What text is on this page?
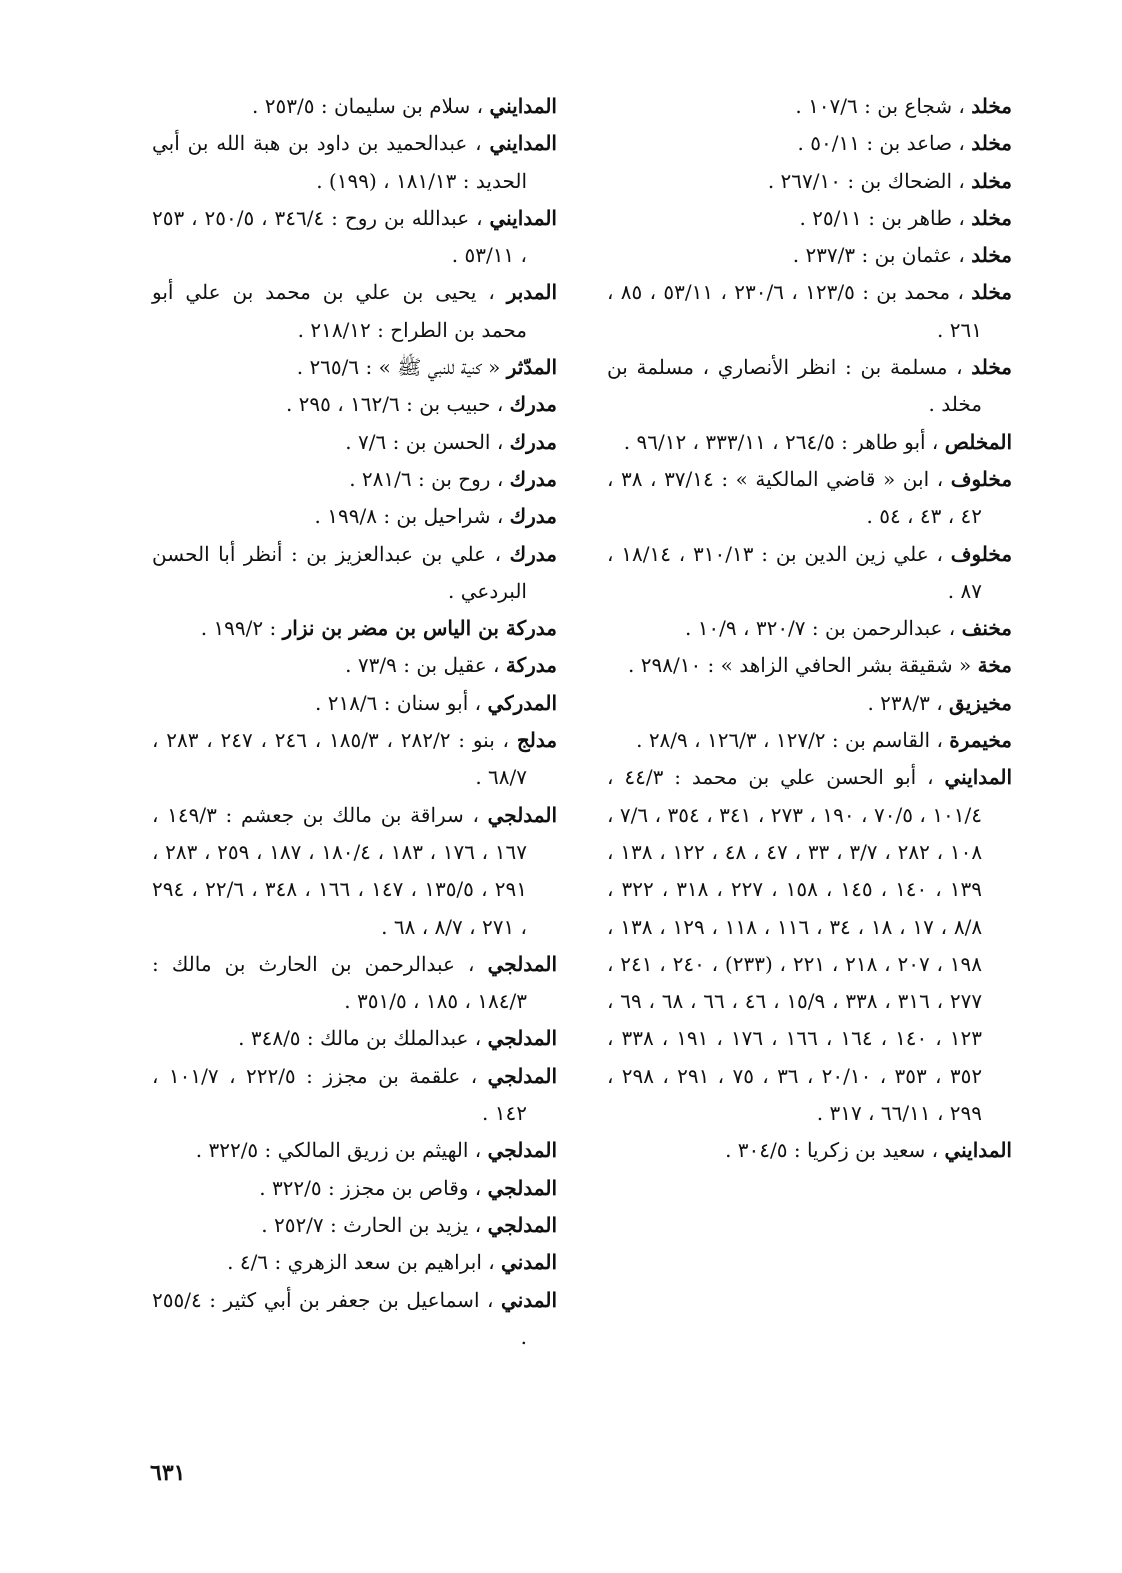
مخلد ، شجاع بن : ١٠٧/٦ .
مخلد ، صاعد بن : ٥٠/١١ .
مخلد ، الضحاك بن : ٢٦٧/١٠ .
مخلد ، طاهر بن : ٢٥/١١ .
مخلد ، عثمان بن : ٢٣٧/٣ .
مخلد ، محمد بن : ١٢٣/٥ ، ٢٣٠/٦ ، ٥٣/١١ ، ٨٥ ، ٢٦١ .
مخلد ، مسلمة بن : انظر الأنصاري ، مسلمة بن مخلد .
المخلص ، أبو طاهر : ٢٦٤/٥ ، ٣٣٣/١١ ، ٩٦/١٢ .
مخلوف ، ابن « قاضي المالكية » : ٣٧/١٤ ، ٣٨ ، ٤٢ ، ٤٣ ، ٥٤ .
مخلوف ، علي زين الدين بن : ٣١٠/١٣ ، ١٨/١٤ ، ٨٧ .
مخنف ، عبدالرحمن بن : ٣٢٠/٧ ، ١٠/٩ .
مخة « شقيقة بشر الحافي الزاهد » : ٢٩٨/١٠ .
مخيزيق ، ٢٣٨/٣ .
مخيمرة ، القاسم بن : ١٢٧/٢ ، ١٢٦/٣ ، ٢٨/٩ .
المدايني ، أبو الحسن علي بن محمد : ٤٤/٣ ، ١٠١/٤ ، ٧٠/٥ ، ١٩٠ ، ٢٧٣ ، ٣٤١ ، ٣٥٤ ، ٧/٦ ، ١٠٨ ، ٢٨٢ ، ٣/٧ ، ٣٣ ، ٤٧ ، ٤٨ ، ١٢٢ ، ١٣٨ ، ١٣٩ ، ١٤٠ ، ١٤٥ ، ١٥٨ ، ٢٢٧ ، ٣١٨ ، ٣٢٢ ، ٨/٨ ، ١٧ ، ١٨ ، ٣٤ ، ١١٦ ، ١١٨ ، ١٢٩ ، ١٣٨ ، ١٩٨ ، ٢٠٧ ، ٢١٨ ، ٢٢١ ، (٢٣٣) ، ٢٤٠ ، ٢٤١ ، ٢٧٧ ، ٣١٦ ، ٣٣٨ ، ١٥/٩ ، ٤٦ ، ٦٦ ، ٦٨ ، ٦٩ ، ١٢٣ ، ١٤٠ ، ١٦٤ ، ١٦٦ ، ١٧٦ ، ١٩١ ، ٣٣٨ ، ٣٥٢ ، ٣٥٣ ، ٢٠/١٠ ، ٣٦ ، ٧٥ ، ٢٩١ ، ٢٩٨ ، ٢٩٩ ، ٦٦/١١ ، ٣١٧ .
المدايني ، سعيد بن زكريا : ٣٠٤/٥ .
المدايني ، سلام بن سليمان : ٢٥٣/٥ .
المدايني ، عبدالحميد بن داود بن هبة الله بن أبي الحديد : ١٨١/١٣ ، (١٩٩) .
المدايني ، عبدالله بن روح : ٣٤٦/٤ ، ٢٥٠/٥ ، ٢٥٣ ، ٥٣/١١ .
المدبر ، يحيى بن علي بن محمد بن علي أبو محمد بن الطراح : ٢١٨/١٢ .
المدّثر « كنية للنبي ﷺ » : ٢٦٥/٦ .
مدرك ، حبيب بن : ١٦٢/٦ ، ٢٩٥ .
مدرك ، الحسن بن : ٧/٦ .
مدرك ، روح بن : ٢٨١/٦ .
مدرك ، شراحيل بن : ١٩٩/٨ .
مدرك ، علي بن عبدالعزيز بن : أنظر أبا الحسن البردعي .
مدركة بن الياس بن مضر بن نزار : ١٩٩/٢ .
مدركة ، عقيل بن : ٧٣/٩ .
المدركي ، أبو سنان : ٢١٨/٦ .
مدلج ، بنو : ٢٨٢/٢ ، ١٨٥/٣ ، ٢٤٦ ، ٢٤٧ ، ٢٨٣ ، ٦٨/٧ .
المدلجي ، سراقة بن مالك بن جعشم : ١٤٩/٣ ، ١٦٧ ، ١٧٦ ، ١٨٣ ، ١٨٠/٤ ، ١٨٧ ، ٢٥٩ ، ٢٨٣ ، ٢٩١ ، ١٣٥/٥ ، ١٤٧ ، ١٦٦ ، ٣٤٨ ، ٢٢/٦ ، ٢٩٤ ، ٢٧١ ، ٨/٧ ، ٦٨ .
المدلجي ، عبدالرحمن بن الحارث بن مالك : ١٨٤/٣ ، ١٨٥ ، ٣٥١/٥ .
المدلجي ، عبدالملك بن مالك : ٣٤٨/٥ .
المدلجي ، علقمة بن مجزز : ٢٢٢/٥ ، ١٠١/٧ ، ١٤٢ .
المدلجي ، الهيثم بن زريق المالكي : ٣٢٢/٥ .
المدلجي ، وقاص بن مجزز : ٣٢٢/٥ .
المدلجي ، يزيد بن الحارث : ٢٥٢/٧ .
المدني ، ابراهيم بن سعد الزهري : ٤/٦ .
المدني ، اسماعيل بن جعفر بن أبي كثير : ٢٥٥/٤ .
٦٣١
